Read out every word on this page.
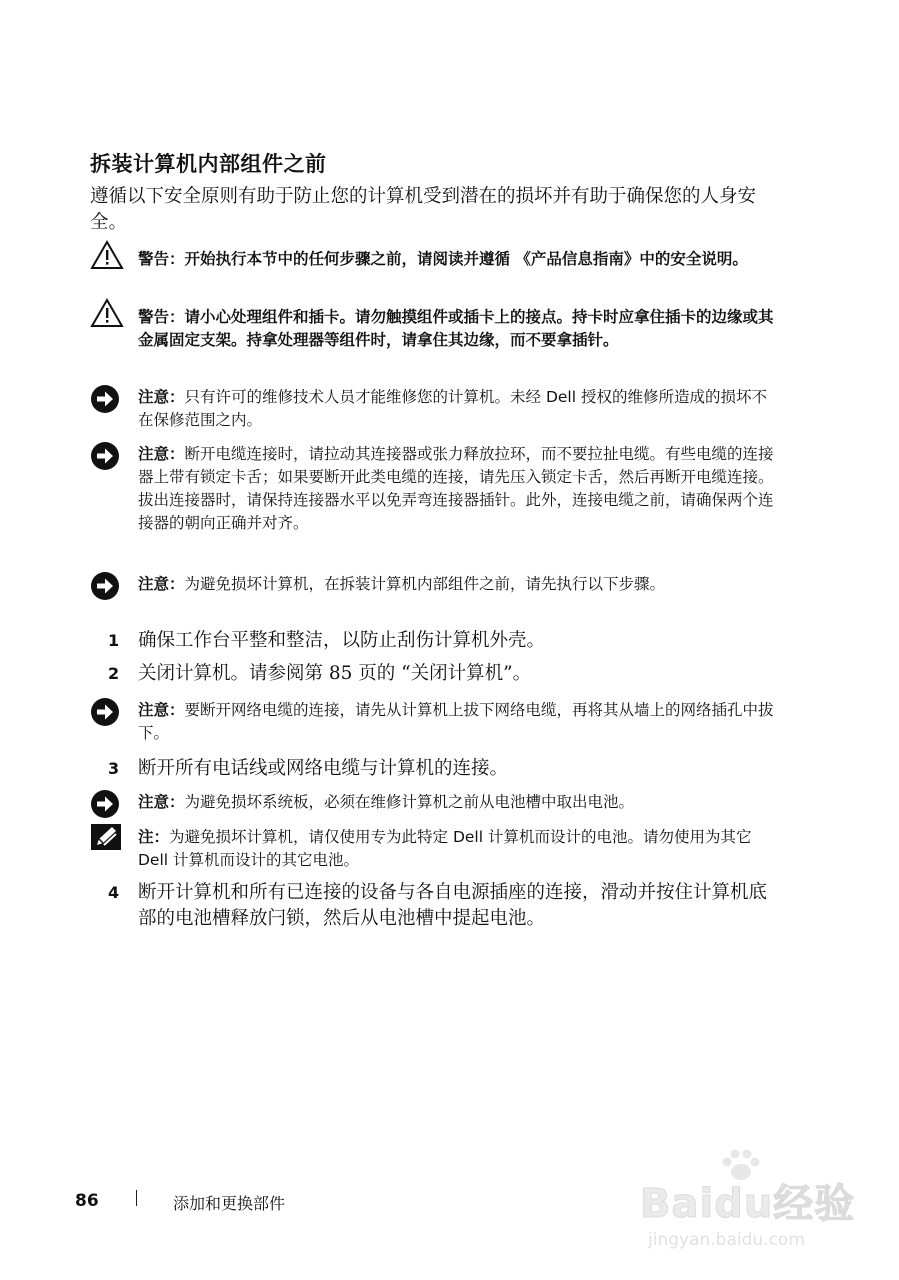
拆装计算机内部组件之前
遵循以下安全原则有助于防止您的计算机受到潜在的损坏并有助于确保您的人身安全。
警告：开始执行本节中的任何步骤之前，请阅读并遵循 《产品信息指南》中的安全说明。
警告：请小心处理组件和插卡。请勿触摸组件或插卡上的接点。持卡时应拿住插卡的边缘或其金属固定支架。持拿处理器等组件时，请拿住其边缘，而不要拿插针。
注意：只有许可的维修技术人员才能维修您的计算机。未经 Dell 授权的维修所造成的损坏不在保修范围之内。
注意：断开电缆连接时，请拉动其连接器或张力释放拉环，而不要拉扯电缆。有些电缆的连接器上带有锁定卡舌；如果要断开此类电缆的连接，请先压入锁定卡舌，然后再断开电缆连接。拔出连接器时，请保持连接器水平以免弄弯连接器插针。此外，连接电缆之前，请确保两个连接器的朝向正确并对齐。
注意：为避免损坏计算机，在拆装计算机内部组件之前，请先执行以下步骤。
1 确保工作台平整和整洁，以防止刮伤计算机外壳。
2 关闭计算机。请参阅第 85 页的 “关闭计算机”。
注意：要断开网络电缆的连接，请先从计算机上拔下网络电缆，再将其从墙上的网络插孔中拔下。
3 断开所有电话线或网络电缆与计算机的连接。
注意：为避免损坏系统板，必须在维修计算机之前从电池槽中取出电池。
注：为避免损坏计算机，请仅使用专为此特定 Dell 计算机而设计的电池。请勿使用为其它 Dell 计算机而设计的其它电池。
4 断开计算机和所有已连接的设备与各自电源插座的连接，滑动并按住计算机底部的电池槽释放闩锁，然后从电池槽中提起电池。
86	添加和更换部件	Baidu经验
jingyan.baidu.com
